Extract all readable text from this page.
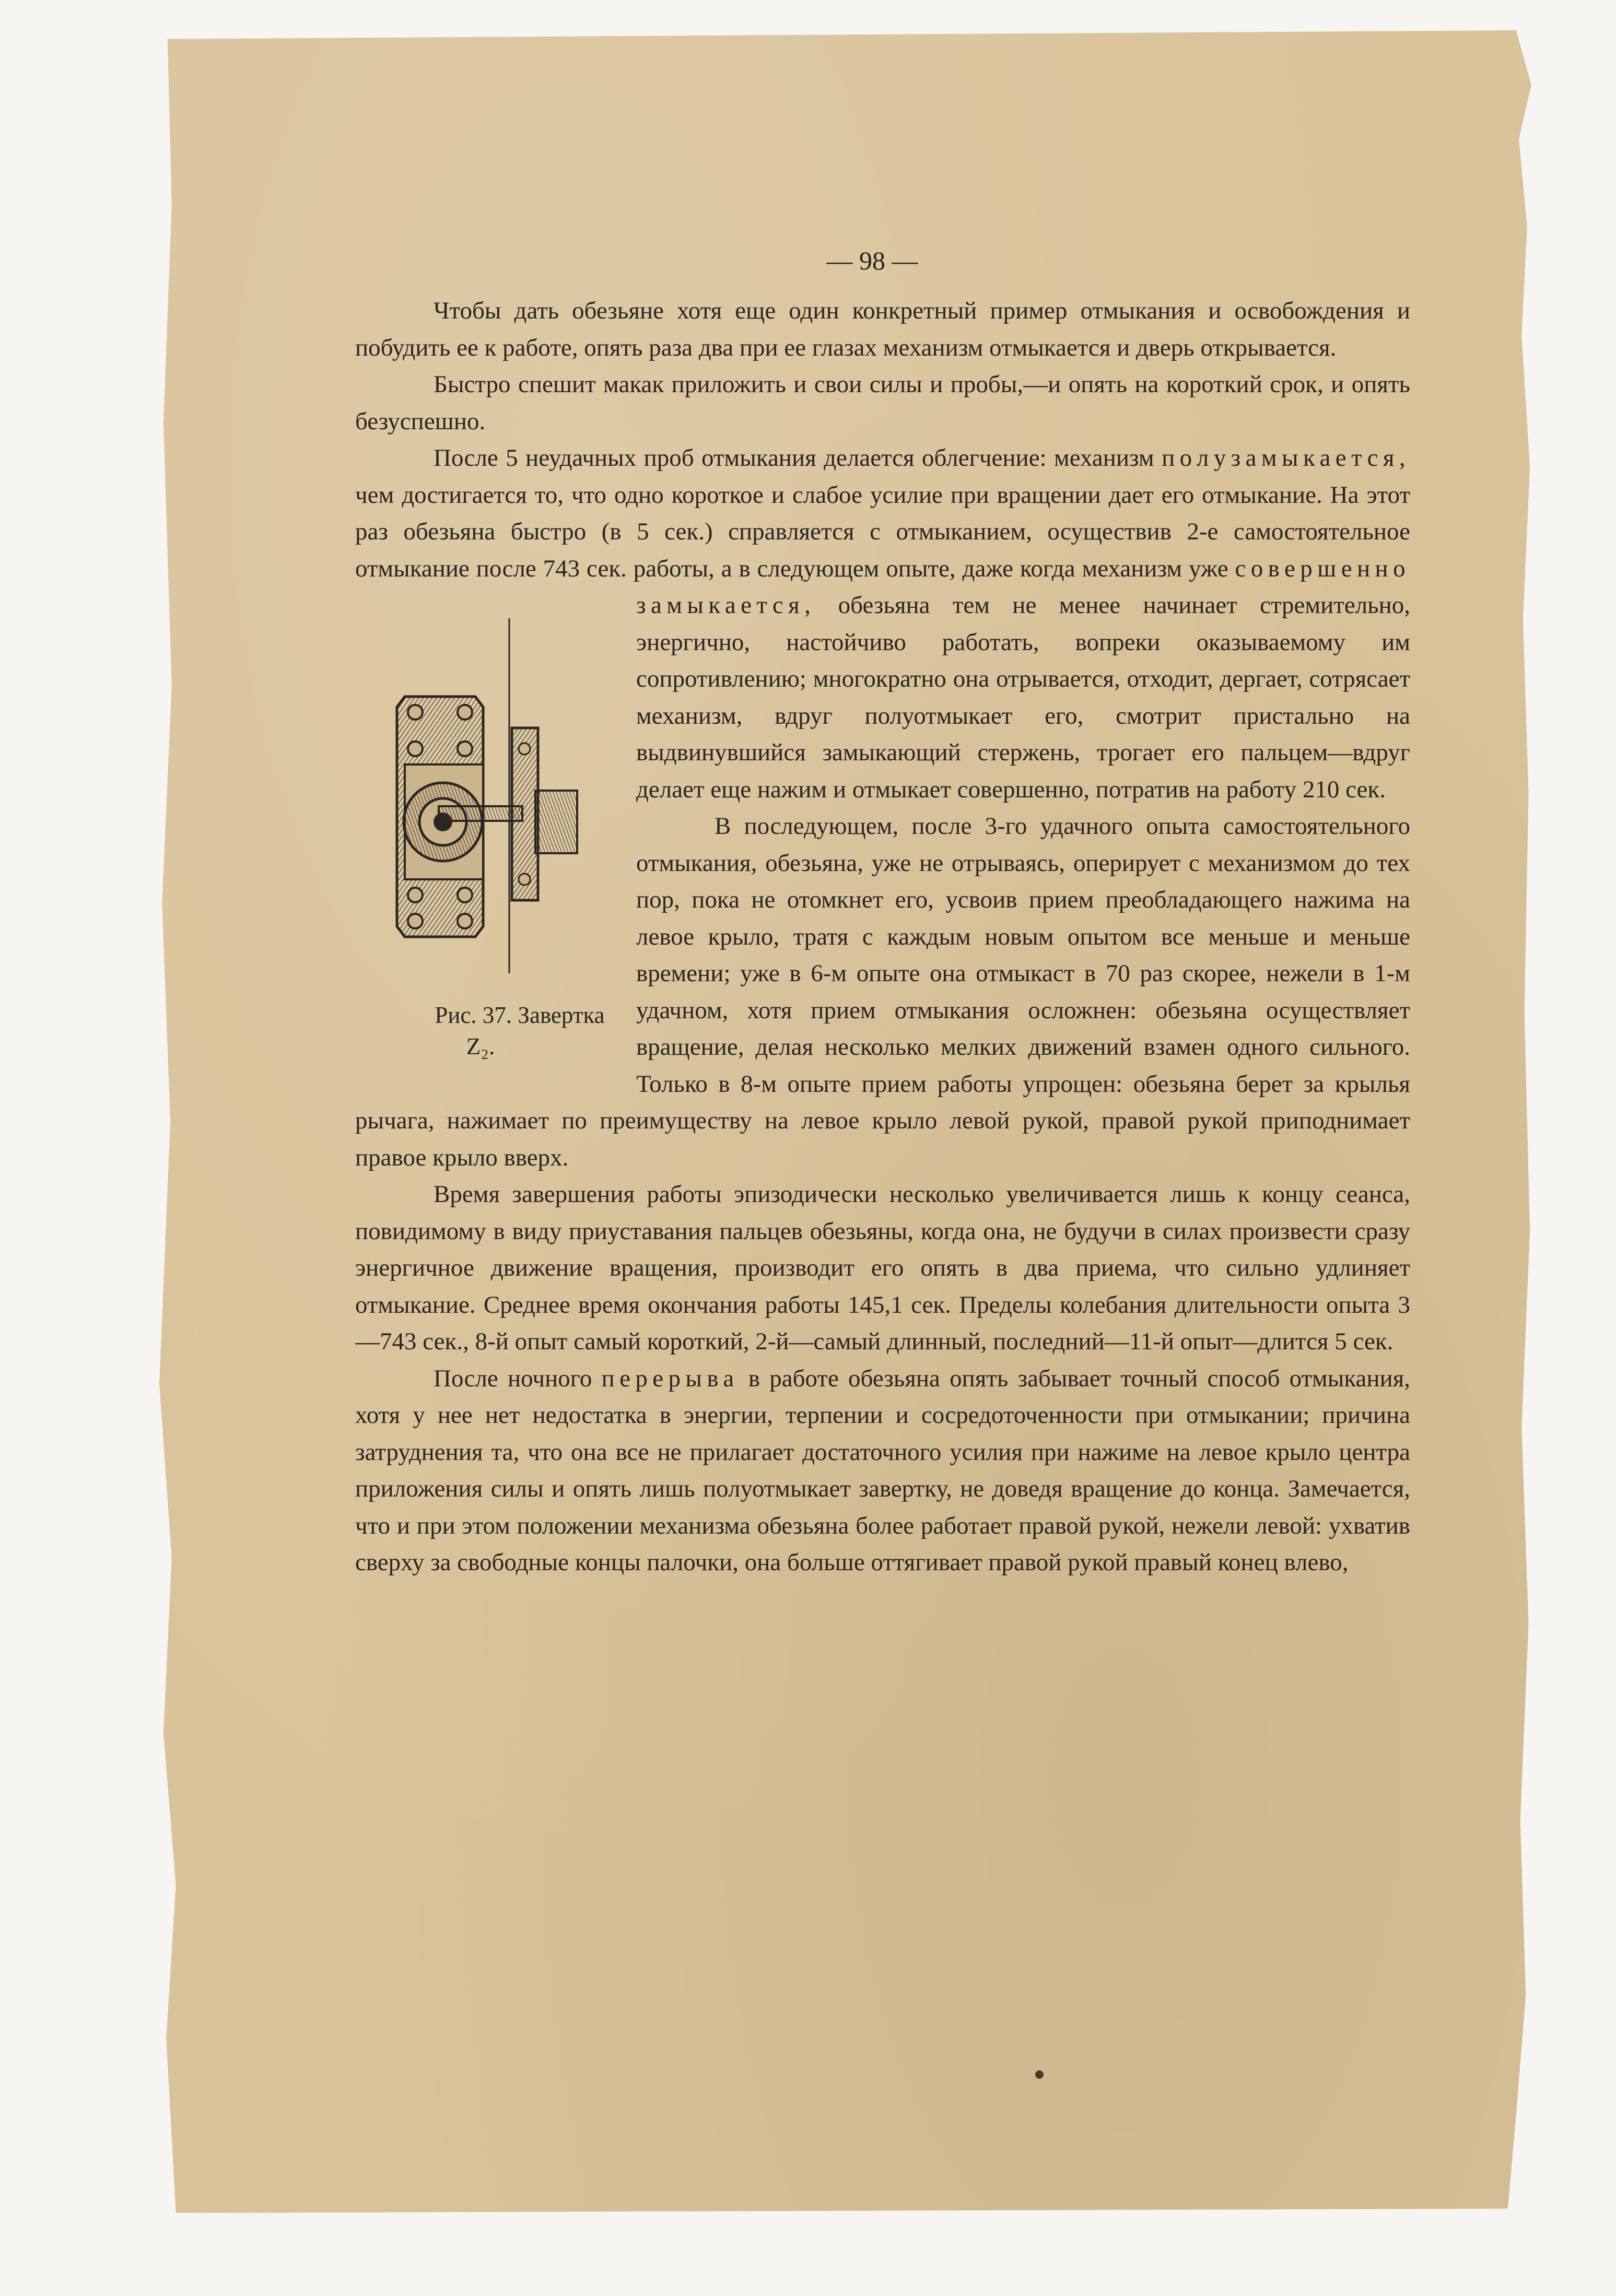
— 98 —

Чтобы дать обезьяне хотя еще один конкретный пример отмыкания и освобождения и побудить ее к работе, опять раза два при ее глазах механизм отмыкается и дверь открывается.

Быстро спешит макак приложить и свои силы и пробы,—и опять на короткий срок, и опять безуспешно.

После 5 неудачных проб отмыкания делается облегчение: механизм полузамыкается, чем достигается то, что одно короткое и слабое усилие при вращении дает его отмыкание. На этот раз обезьяна быстро (в 5 сек.) справляется с отмыканием, осуществив 2-е самостоятельное отмыкание после 743 сек. работы, а в следующем опыте, даже когда механизм уже совершенно замыкается,
Рис. 37. Завертка
Z₂.
обезьяна тем не менее начинает стремительно, энергично, настойчиво работать, вопреки оказываемому им сопротивлению; многократно она отрывается, отходит, дергает, сотрясает механизм, вдруг полуотмыкает его, смотрит пристально на выдвинувшийся замыкающий стержень, трогает его пальцем—вдруг делает еще нажим и отмыкает совершенно, потратив на работу 210 сек.

В последующем, после 3-го удачного опыта самостоятельного отмыкания, обезьяна, уже не отрываясь, оперирует с механизмом до тех пор, пока не отомкнет его, усвоив прием преобладающего нажима на левое крыло, тратя с каждым новым опытом все меньше и меньше времени; уже в 6-м опыте она отмыкаст в 70 раз скорее, нежели в 1-м удачном, хотя прием отмыкания осложнен: обезьяна осуществляет вращение, делая несколько мелких движений взамен одного сильного. Только в 8-м опыте прием работы упрощен: обезьяна берет за крылья рычага, нажимает по преимуществу на левое крыло левой рукой, правой рукой приподнимает правое крыло вверх.

Время завершения работы эпизодически несколько увеличивается лишь к концу сеанса, повидимому в виду приуставания пальцев обезьяны, когда она, не будучи в силах произвести сразу энергичное движение вращения, производит его опять в два приема, что сильно удлиняет отмыкание. Среднее время окончания работы 145,1 сек. Пределы колебания длительности опыта 3—743 сек., 8-й опыт самый короткий, 2-й—самый длинный, последний—11-й опыт—длится 5 сек.

После ночного перерыва в работе обезьяна опять забывает точный способ отмыкания, хотя у нее нет недостатка в энергии, терпении и сосредоточенности при отмыкании; причина затруднения та, что она все не прилагает достаточного усилия при нажиме на левое крыло центра приложения силы и опять лишь полуотмыкает завертку, не доведя вращение до конца. Замечается, что и при этом положении механизма обезьяна более работает правой рукой, нежели левой: ухватив сверху за свободные концы палочки, она больше оттягивает правой рукой правый конец влево,
